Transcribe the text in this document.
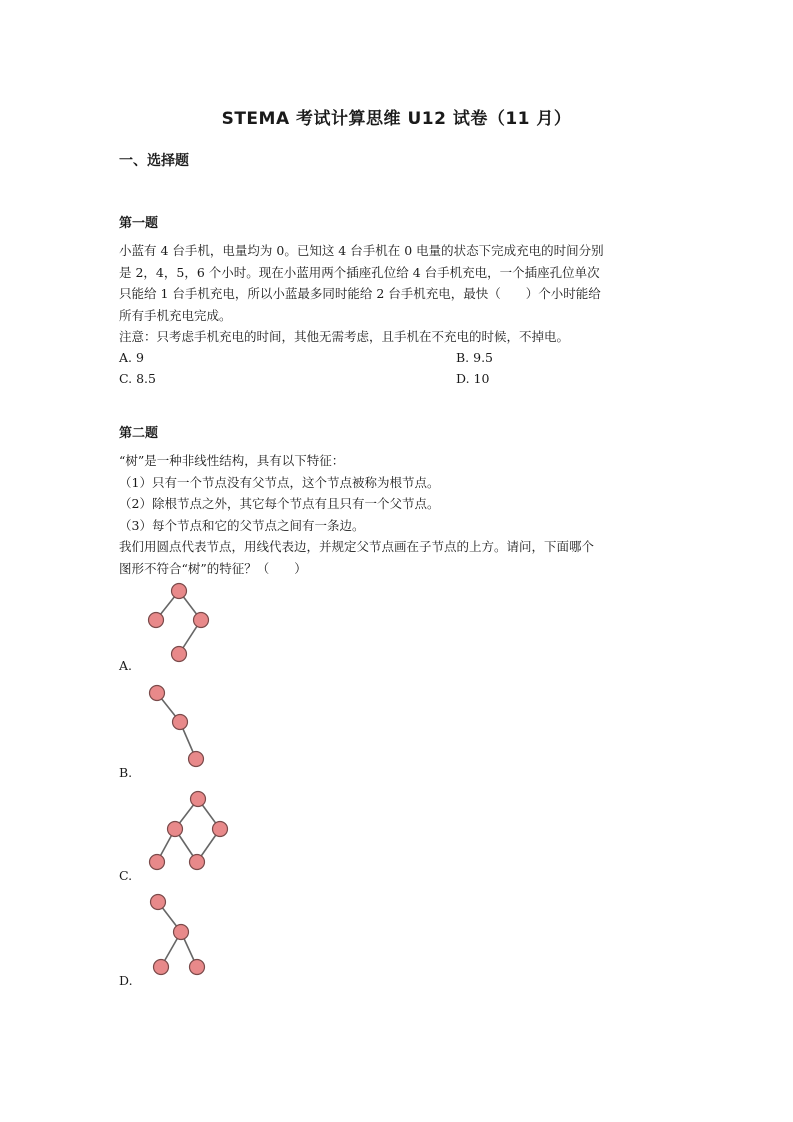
STEMA 考试计算思维 U12 试卷（11 月）
一、选择题
第一题
小蓝有 4 台手机，电量均为 0。已知这 4 台手机在 0 电量的状态下完成充电的时间分别
是 2，4，5，6 个小时。现在小蓝用两个插座孔位给 4 台手机充电，一个插座孔位单次
只能给 1 台手机充电，所以小蓝最多同时能给 2 台手机充电，最快（　　）个小时能给
所有手机充电完成。
注意：只考虑手机充电的时间，其他无需考虑，且手机在不充电的时候，不掉电。
A. 9	B. 9.5
C. 8.5	D. 10
第二题
“树”是一种非线性结构，具有以下特征：
（1）只有一个节点没有父节点，这个节点被称为根节点。
（2）除根节点之外，其它每个节点有且只有一个父节点。
（3）每个节点和它的父节点之间有一条边。
我们用圆点代表节点，用线代表边，并规定父节点画在子节点的上方。请问，下面哪个
图形不符合“树”的特征？（　　）
A.
B.
C.
D.
